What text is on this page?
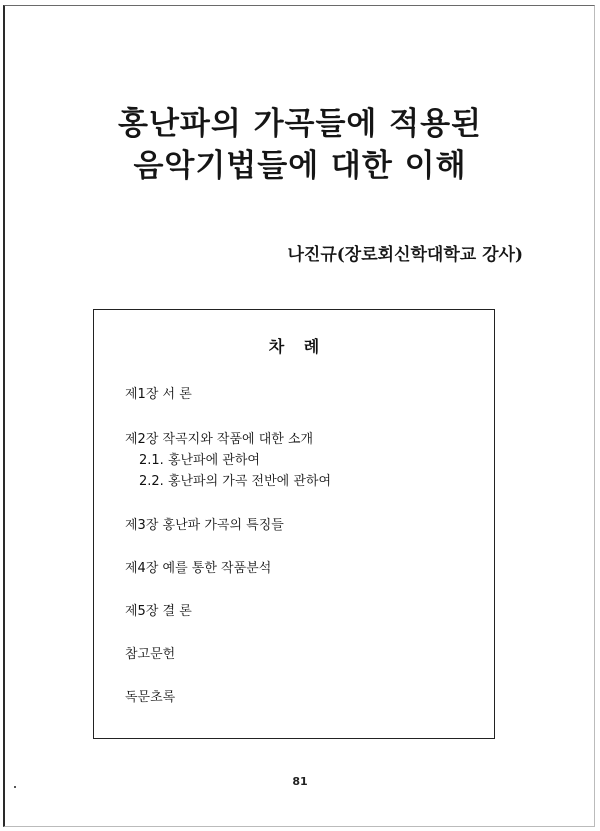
홍난파의 가곡들에 적용된
음악기법들에 대한 이해
나진규(장로회신학대학교 강사)
차 례
제1장 서 론
제2장 작곡지와 작품에 대한 소개
2.1. 홍난파에 관하여
2.2. 홍난파의 가곡 전반에 관하여
제3장 홍난파 가곡의 특징들
제4장 예를 통한 작품분석
제5장 결 론
참고문헌
독문초록
81
